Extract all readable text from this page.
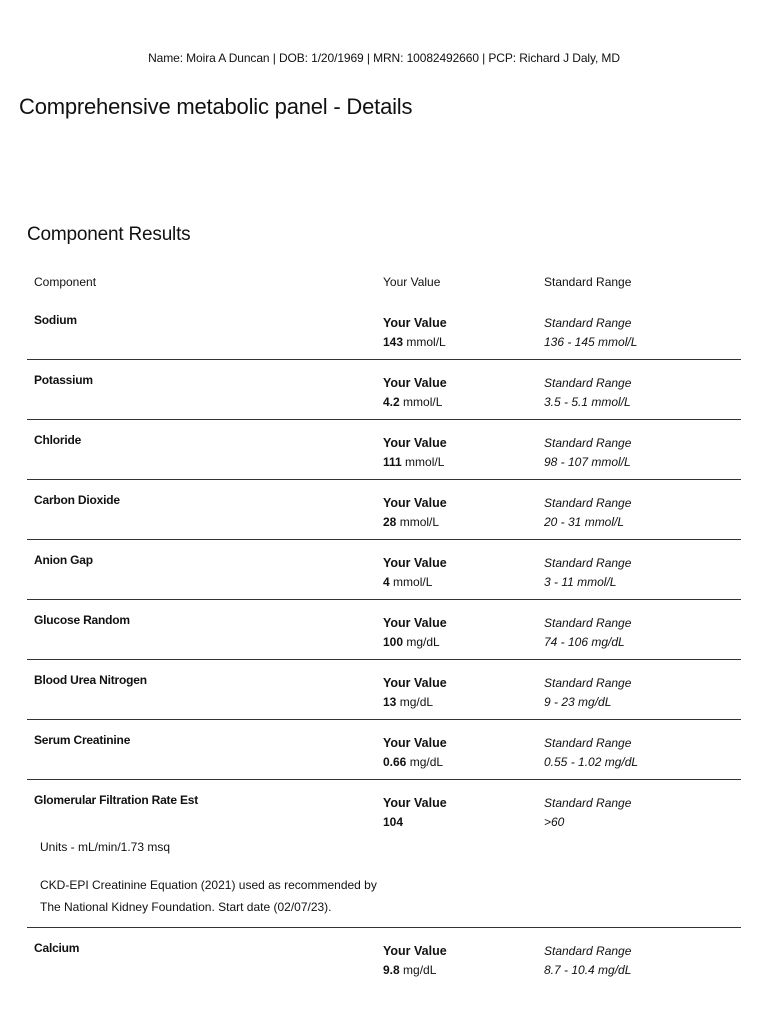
Name: Moira A Duncan | DOB: 1/20/1969 | MRN: 10082492660 | PCP: Richard J Daly, MD
Comprehensive metabolic panel - Details
Component Results
Component	Your Value	Standard Range
Sodium	Your Value
143 mmol/L
Standard Range
136 - 145 mmol/L
Potassium	Your Value
4.2 mmol/L
Standard Range
3.5 - 5.1 mmol/L
Chloride	Your Value
111 mmol/L
Standard Range
98 - 107 mmol/L
Carbon Dioxide	Your Value
28 mmol/L
Standard Range
20 - 31 mmol/L
Anion Gap	Your Value
4 mmol/L
Standard Range
3 - 11 mmol/L
Glucose Random	Your Value
100 mg/dL
Standard Range
74 - 106 mg/dL
Blood Urea Nitrogen	Your Value
13 mg/dL
Standard Range
9 - 23 mg/dL
Serum Creatinine	Your Value
0.66 mg/dL
Standard Range
0.55 - 1.02 mg/dL
Glomerular Filtration Rate Est	Your Value
104
Standard Range
>60
Units - mL/min/1.73 msq
CKD-EPI Creatinine Equation (2021) used as recommended by
The National Kidney Foundation. Start date (02/07/23).
Calcium	Your Value
9.8 mg/dL
Standard Range
8.7 - 10.4 mg/dL
